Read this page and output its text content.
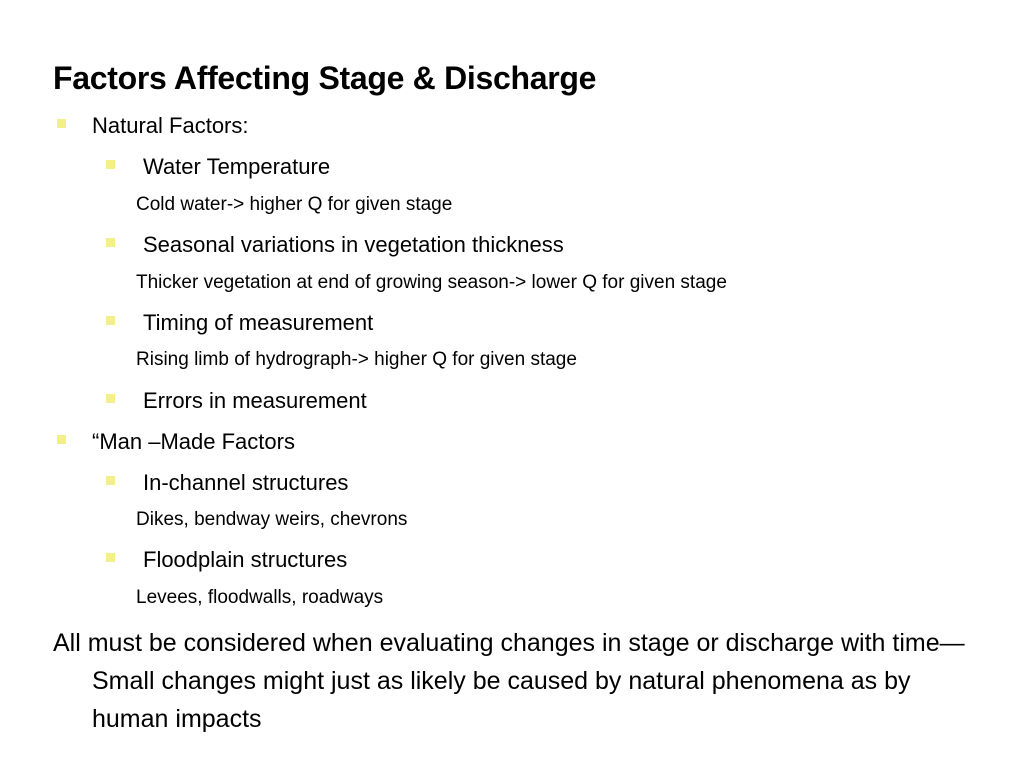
Factors Affecting Stage & Discharge
Natural Factors:
Water Temperature
Cold water-> higher Q for given stage
Seasonal variations in vegetation thickness
Thicker vegetation at end of growing season-> lower Q for given stage
Timing of measurement
Rising limb of hydrograph-> higher Q for given stage
Errors in measurement
“Man –Made Factors
In-channel structures
Dikes, bendway weirs, chevrons
Floodplain structures
Levees, floodwalls, roadways
All must be considered when evaluating changes in stage or discharge with time—Small changes might just as likely be caused by natural phenomena as by human impacts
